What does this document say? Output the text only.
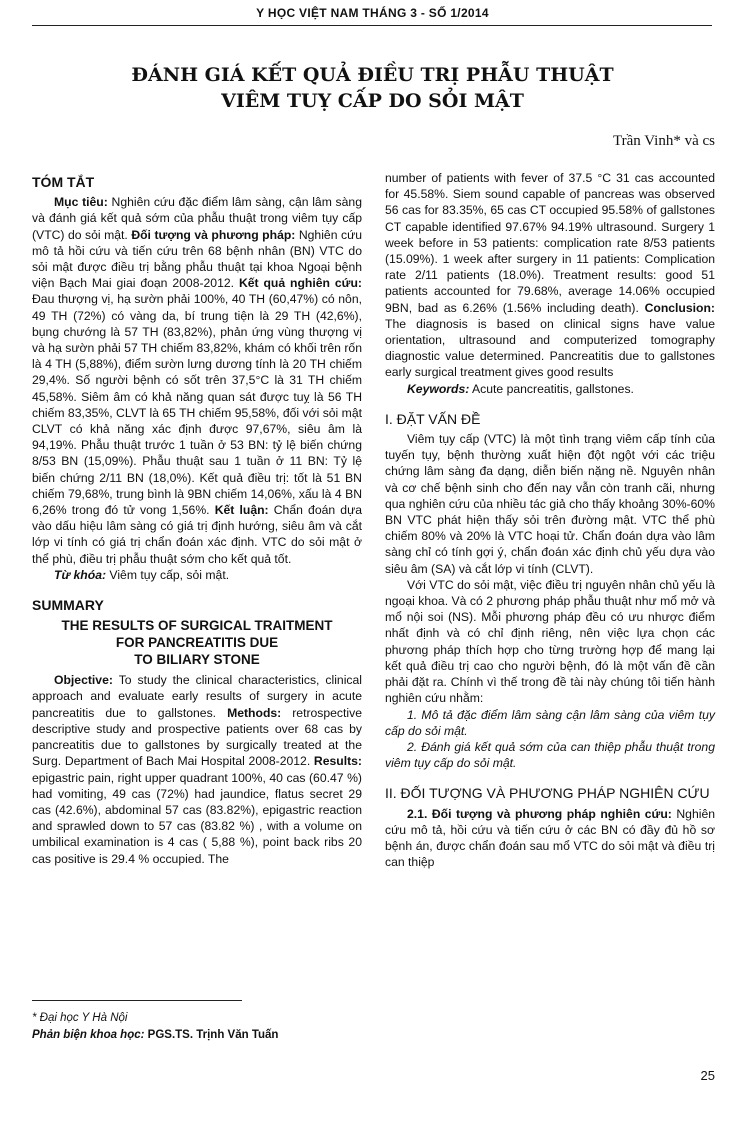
Y HỌC VIỆT NAM THÁNG 3 - SỐ 1/2014
ĐÁNH GIÁ KẾT QUẢ ĐIỀU TRỊ PHẪU THUẬT
VIÊM TUỴ CẤP DO SỎI MẬT
Trần Vinh* và cs
TÓM TẮT

Mục tiêu: Nghiên cứu đặc điểm lâm sàng, cận lâm sàng và đánh giá kết quả sớm của phẫu thuật trong viêm tụy cấp (VTC) do sỏi mật. Đối tượng và phương pháp: Nghiên cứu mô tả hồi cứu và tiến cứu trên 68 bệnh nhân (BN) VTC do sỏi mật được điều trị bằng phẫu thuật tại khoa Ngoại bệnh viện Bạch Mai giai đoạn 2008-2012. Kết quả nghiên cứu: Đau thượng vị, hạ sườn phải 100%, 40 TH (60,47%) có nôn, 49 TH (72%) có vàng da, bí trung tiện là 29 TH (42,6%), bụng chướng là 57 TH (83,82%), phản ứng vùng thượng vị và hạ sườn phải 57 TH chiếm 83,82%, khám có khối trên rốn là 4 TH (5,88%), điểm sườn lưng dương tính là 20 TH chiếm 29,4%. Số người bệnh có sốt trên 37,5°C là 31 TH chiếm 45,58%. Siêm âm có khả năng quan sát được tuỵ là 56 TH chiếm 83,35%, CLVT là 65 TH chiếm 95,58%, đối với sỏi mật CLVT có khả năng xác định được 97,67%, siêu âm là 94,19%. Phẫu thuật trước 1 tuần ở 53 BN: tỷ lệ biến chứng 8/53 BN (15,09%). Phẫu thuật sau 1 tuần ở 11 BN: Tỷ lệ biến chứng 2/11 BN (18,0%). Kết quả điều trị: tốt là 51 BN chiếm 79,68%, trung bình là 9BN chiếm 14,06%, xấu là 4 BN 6,26% trong đó tử vong 1,56%. Kết luận: Chẩn đoán dựa vào dấu hiệu lâm sàng có giá trị định hướng, siêu âm và cắt lớp vi tính có giá trị chẩn đoán xác định. VTC do sỏi mật ở thể phù, điều trị phẫu thuật sớm cho kết quả tốt.

Từ khóa: Viêm tụy cấp, sỏi mật.

SUMMARY
THE RESULTS OF SURGICAL TRAITMENT
FOR PANCREATITIS DUE
TO BILIARY STONE

Objective: To study the clinical characteristics, clinical approach and evaluate early results of surgery in acute pancreatitis due to gallstones. Methods: retrospective descriptive study and prospective patients over 68 cas by pancreatitis due to gallstones by surgically treated at the Surg. Department of Bach Mai Hospital 2008-2012. Results: epigastric pain, right upper quadrant 100%, 40 cas (60.47 %) had vomiting, 49 cas (72%) had jaundice, flatus secret 29 cas (42.6%), abdominal 57 cas (83.82%), epigastric reaction and sprawled down to 57 cas (83.82 %) , with a volume on umbilical examination is 4 cas ( 5,88 %), point back ribs 20 cas positive is 29.4 % occupied. The

number of patients with fever of 37.5 °C 31 cas accounted for 45.58%. Siem sound capable of pancreas was observed 56 cas for 83.35%, 65 cas CT occupied 95.58% of gallstones CT capable identified 97.67% 94.19% ultrasound. Surgery 1 week before in 53 patients: complication rate 8/53 patients (15.09%). 1 week after surgery in 11 patients: Complication rate 2/11 patients (18.0%). Treatment results: good 51 patients accounted for 79.68%, average 14.06% occupied 9BN, bad as 6.26% (1.56% including death). Conclusion: The diagnosis is based on clinical signs have value orientation, ultrasound and computerized tomography diagnostic value determined. Pancreatitis due to gallstones early surgical treatment gives good results

Keywords: Acute pancreatitis, gallstones.

I. ĐẶT VẤN ĐỀ

Viêm tụy cấp (VTC) là một tình trạng viêm cấp tính của tuyến tụy, bệnh thường xuất hiện đột ngột với các triệu chứng lâm sàng đa dạng, diễn biến nặng nề. Nguyên nhân và cơ chế bệnh sinh cho đến nay vẫn còn tranh cãi, nhưng qua nghiên cứu của nhiều tác giả cho thấy khoảng 30%-60% BN VTC phát hiện thấy sỏi trên đường mật. VTC thể phù chiếm 80% và 20% là VTC hoại tử. Chẩn đoán dựa vào lâm sàng chỉ có tính gợi ý, chẩn đoán xác định chủ yếu dựa vào siêu âm (SA) và cắt lớp vi tính (CLVT).

Với VTC do sỏi mật, việc điều trị nguyên nhân chủ yếu là ngoại khoa. Và có 2 phương pháp phẫu thuật như mổ mở và mổ nội soi (NS). Mỗi phương pháp đều có ưu nhược điểm nhất định và có chỉ định riêng, nên việc lựa chọn các phương pháp thích hợp cho từng trường hợp để mang lại kết quả điều trị cao cho người bệnh, đó là một vấn đề cần phải đặt ra. Chính vì thế trong đề tài này chúng tôi tiến hành nghiên cứu nhằm:

1. Mô tả đặc điểm lâm sàng cận lâm sàng của viêm tụy cấp do sỏi mật.

2. Đánh giá kết quả sớm của can thiệp phẫu thuật trong viêm tụy cấp do sỏi mật.

II. ĐỐI TƯỢNG VÀ PHƯƠNG PHÁP NGHIÊN CỨU

2.1. Đối tượng và phương pháp nghiên cứu: Nghiên cứu mô tả, hồi cứu và tiến cứu ở các BN có đầy đủ hồ sơ bệnh án, được chẩn đoán sau mổ VTC do sỏi mật và điều trị can thiệp

* Đại học Y Hà Nội
Phản biện khoa học: PGS.TS. Trịnh Văn Tuấn
25
